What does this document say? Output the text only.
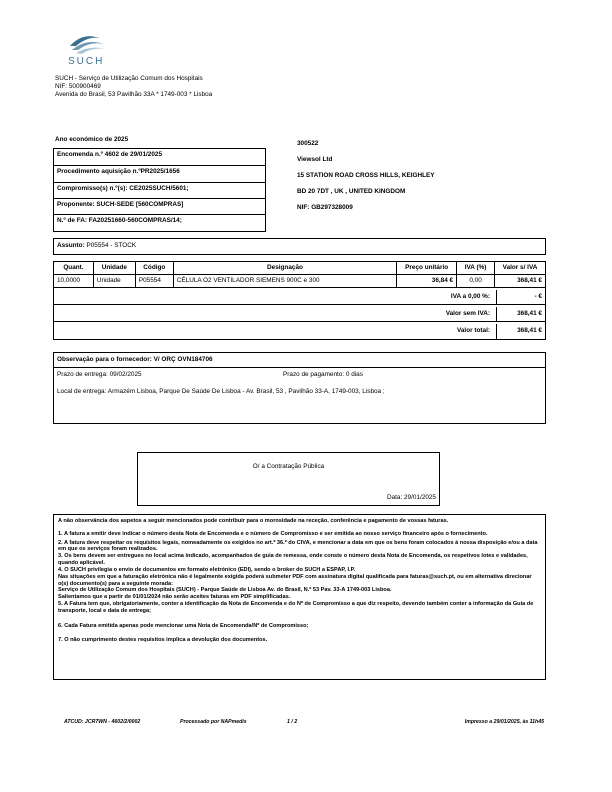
SUCH
SUCH - Serviço de Utilização Comum dos Hospitais
NIF: 500900469
Avenida do Brasil, 53 Pavilhão 33A * 1749-003 * Lisboa
Ano económico de 2025
Encomenda n.º 4602 de 29/01/2025
Procedimento aquisição n.ºPR2025/1656
Compromisso(s) n.º(s): CE2025SUCH/5601;
Proponente: SUCH-SEDE [560COMPRAS]
N.º de FA: FA20251660-560COMPRAS/14;
300522
Viewsol Ltd
15 STATION ROAD CROSS HILLS, KEIGHLEY
BD 20 7DT , UK , UNITED KINGDOM
NIF: GB297328009
Assunto: P05554 - STOCK
Quant.	Unidade	Código	Designação	Preço unitário	IVA (%)	Valor s/ IVA
10,0000	Unidade	P05554	CÉLULA O2 VENTILADOR SIEMENS 900C e 300	36,84 €	0,00	368,41 €
IVA a 0,00 %:	- €
Valor sem IVA:	368,41 €
Valor total:	368,41 €
Observação para o fornecedor: V/ ORÇ OVN184706
Prazo de entrega: 09/02/2025	Prazo de pagamento: 0 dias
Local de entrega: Armazém Lisboa, Parque De Saúde De Lisboa - Av. Brasil, 53 , Pavilhão 33-A, 1749-003, Lisboa ;
O/ a Contratação Pública
Data: 29/01/2025

A não observância dos aspetos a seguir mencionados pode contribuir para o morosidade na receção, conferência e pagamento de vossas faturas.

1. A fatura a emitir deve indicar o número desta Nota de Encomenda e o número de Compromisso e ser emitida ao nosso serviço financeiro após o fornecimento.

2. A fatura deve respeitar os requisitos legais, nomeadamente os exigidos no art.º 36.º do CIVA, e mencionar a data em que os bens foram colocados à nossa disposição e/ou a data em que os serviços foram realizados.

3. Os bens devem ser entregues no local acima indicado, acompanhados de guia de remessa, onde conste o número desta Nota de Encomenda, os respetivos lotes e validades, quando aplicável.

4. O SUCH privilegia o envio de documentos em formato eletrónico (EDI), sendo o broker do SUCH a ESPAP, I.P.

Nas situações em que a faturação eletrónica não é legalmente exigida poderá submeter PDF com assinatura digital qualificada para faturas@such.pt, ou em alternativa direcionar o(s) documento(s) para a seguinte morada:

Serviço de Utilização Comum dos Hospitais (SUCH) - Parque Saúde de Lisboa Av. do Brasil, N.º 53 Pav. 33-A 1749-003 Lisboa.

Salientamos que a partir de 01/01/2024 não serão aceites faturas em PDF simplificadas.

5. A Fatura tem que, obrigatoriamente, conter a identificação da Nota de Encomenda e do Nº de Compromisso a que diz respeito, devendo também conter a informação da Guia de transporte, local e data de entrega;

6. Cada Fatura emitida apenas pode mencionar uma Nota de Encomenda/Nº de Compromisso;

7. O não cumprimento destes requisitos implica a devolução dos documentos.

ATCUD: JCR7WN - 4602/2/0002	Processado por NAPmedis	1 / 2	Impresso a 29/01/2025, às 11h45
